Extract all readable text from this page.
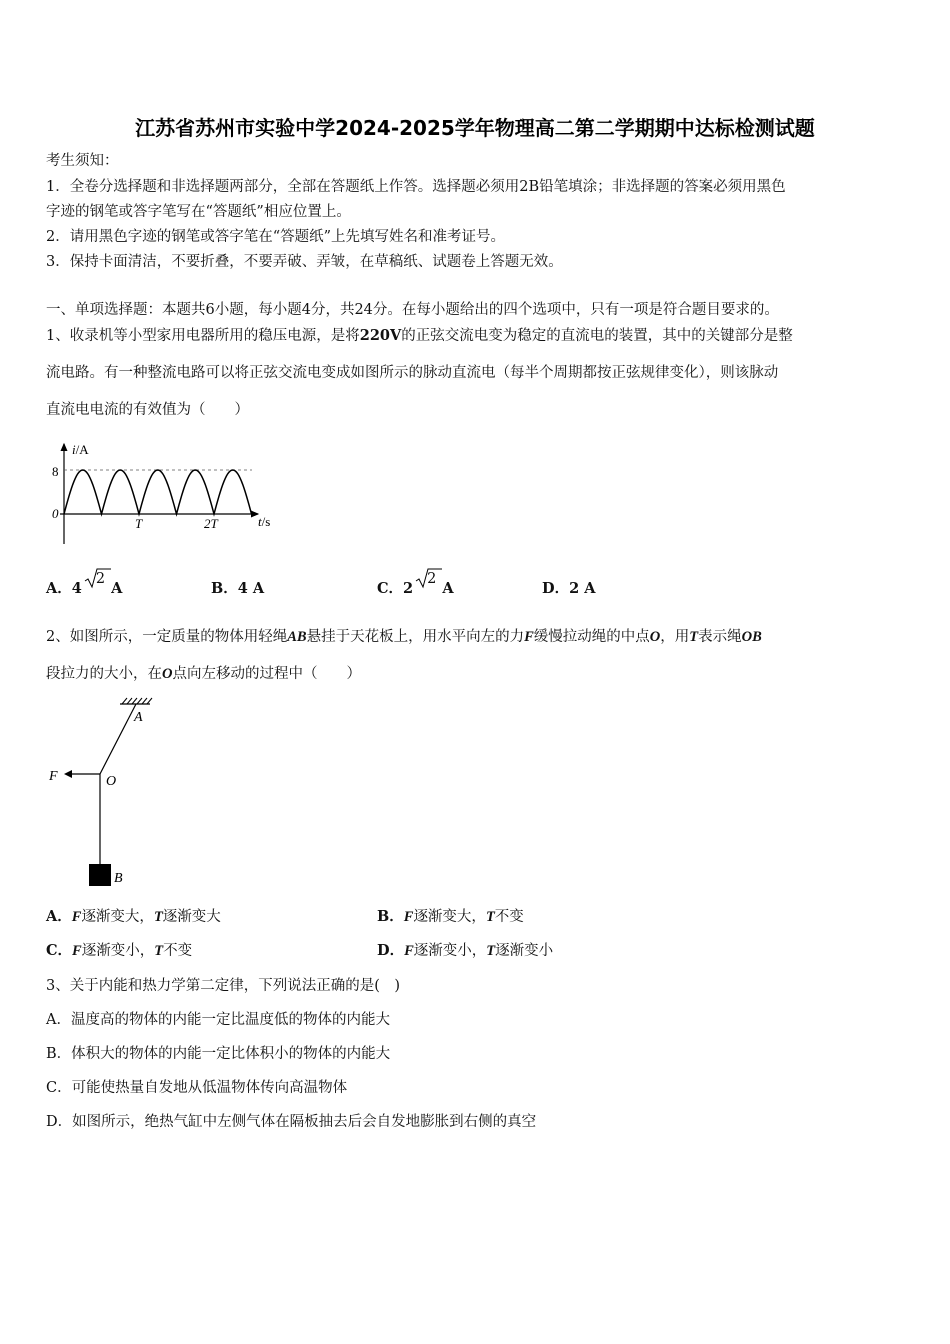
江苏省苏州市实验中学2024-2025学年物理高二第二学期期中达标检测试题
考生须知：
1．全卷分选择题和非选择题两部分，全部在答题纸上作答。选择题必须用2B铅笔填涂；非选择题的答案必须用黑色
字迹的钢笔或答字笔写在“答题纸”相应位置上。
2．请用黑色字迹的钢笔或答字笔在“答题纸”上先填写姓名和准考证号。
3．保持卡面清洁，不要折叠，不要弄破、弄皱，在草稿纸、试题卷上答题无效。
一、单项选择题：本题共6小题，每小题4分，共24分。在每小题给出的四个选项中，只有一项是符合题目要求的。
1、收录机等小型家用电器所用的稳压电源，是将220V的正弦交流电变为稳定的直流电的装置，其中的关键部分是整
流电路。有一种整流电路可以将正弦交流电变成如图所示的脉动直流电（每半个周期都按正弦规律变化），则该脉动
直流电电流的有效值为（　　）
i/A
8
0
T	2T	t/s
A．4
2A	B．4 A	C．2
2A	D．2 A
2、如图所示，一定质量的物体用轻绳AB悬挂于天花板上，用水平向左的力F缓慢拉动绳的中点O，用T表示绳OB
段拉力的大小，在O点向左移动的过程中（　　）
A
F	O
B
A．F逐渐变大，T逐渐变大	B．F逐渐变大，T不变
C．F逐渐变小，T不变	D．F逐渐变小，T逐渐变小
3、关于内能和热力学第二定律，下列说法正确的是(　)
A．温度高的物体的内能一定比温度低的物体的内能大
B．体积大的物体的内能一定比体积小的物体的内能大
C．可能使热量自发地从低温物体传向高温物体
D．如图所示，绝热气缸中左侧气体在隔板抽去后会自发地膨胀到右侧的真空
